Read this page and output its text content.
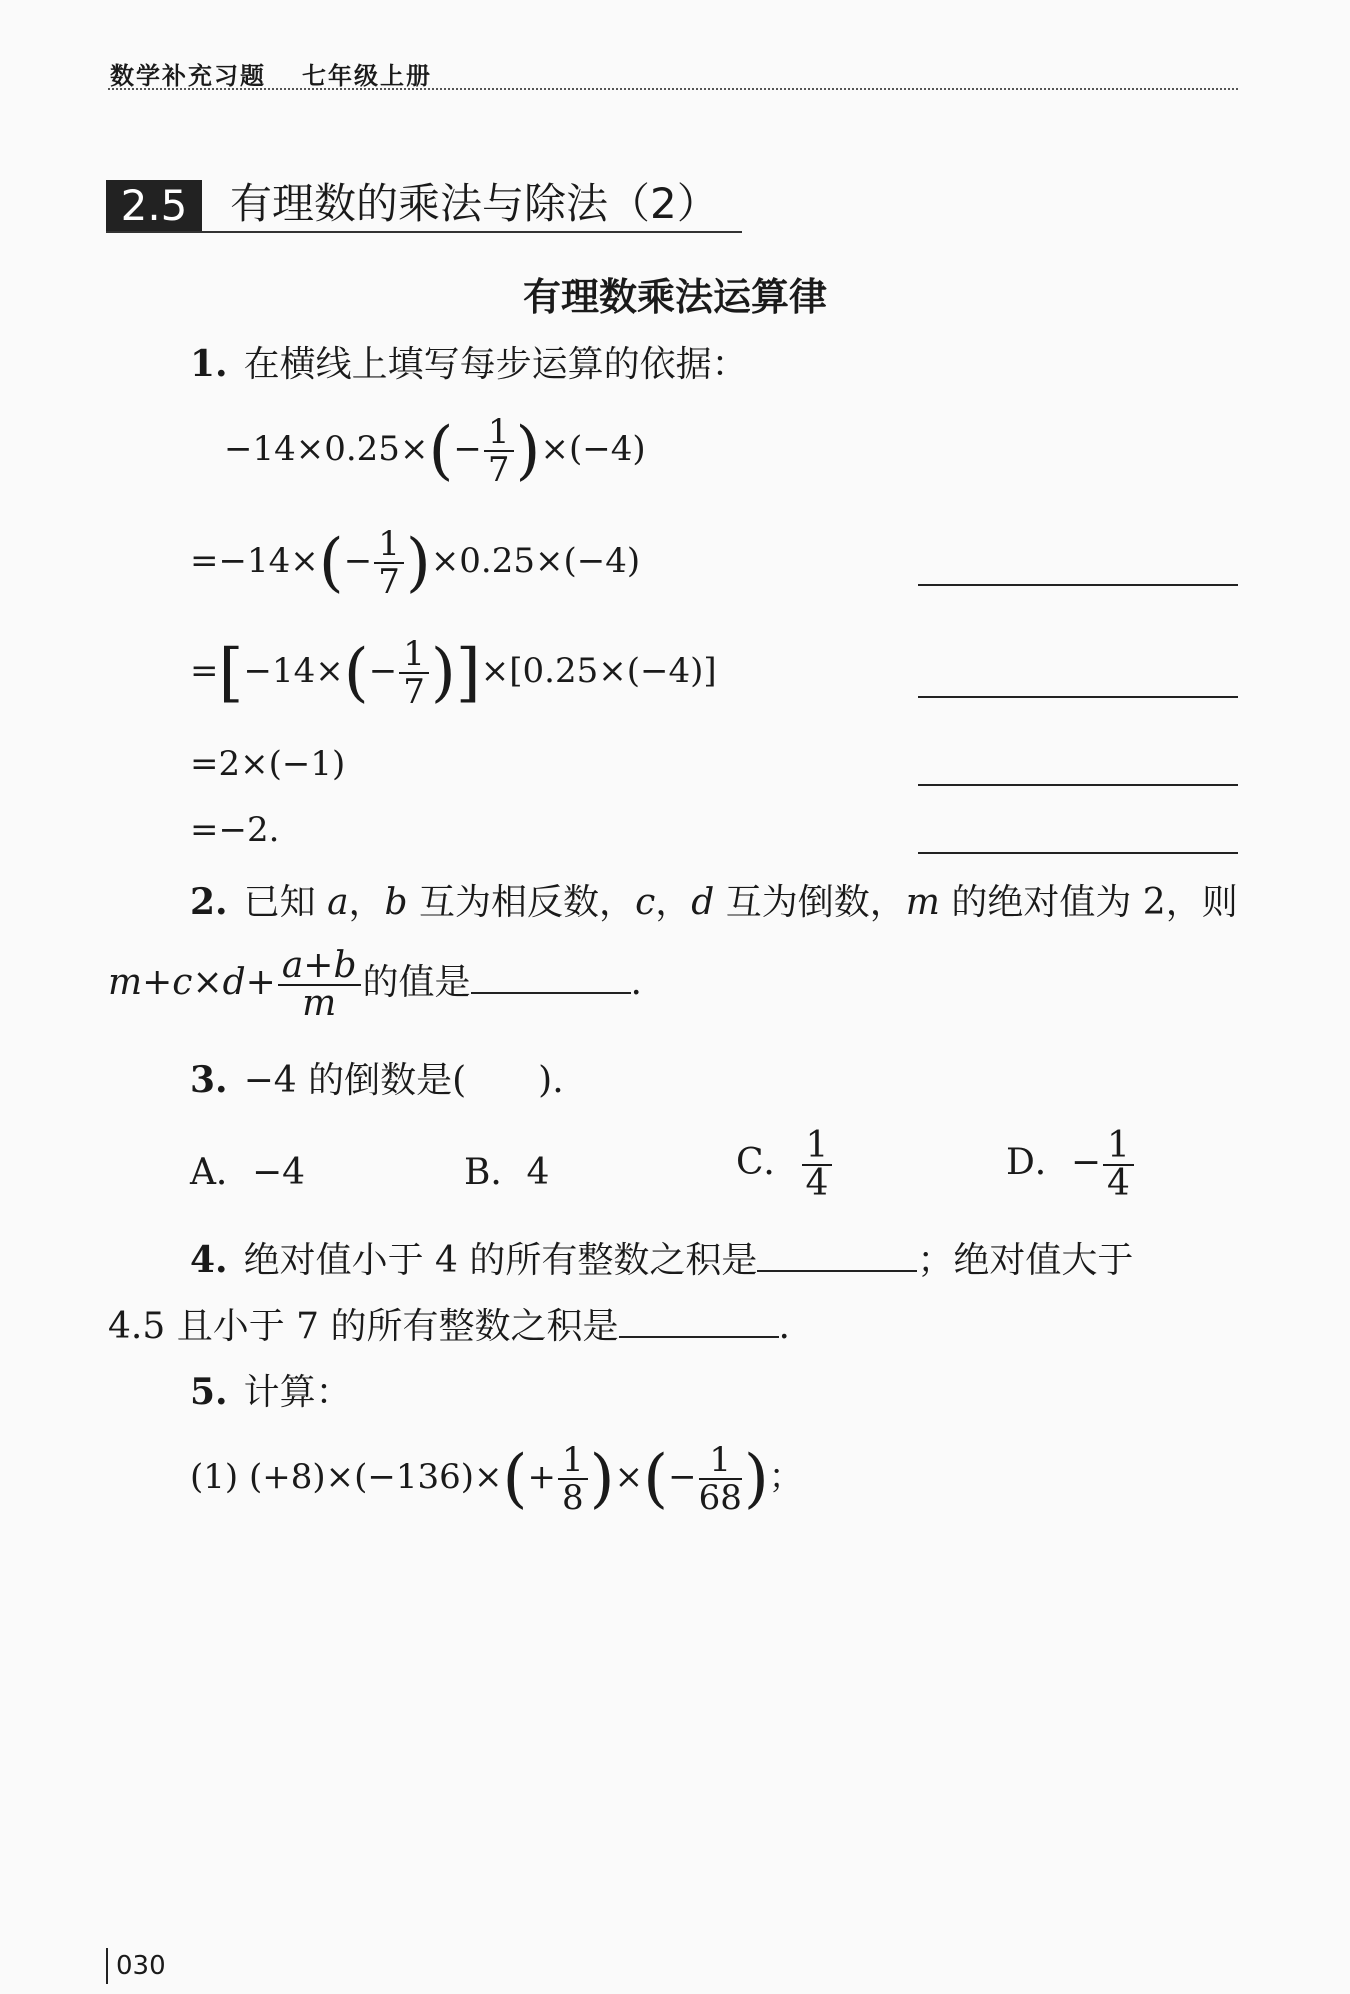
数学补充习题 七年级上册
2.5	有理数的乘法与除法（2）
有理数乘法运算律
1. 在横线上填写每步运算的依据：
$-14\times 0.25\times(- \frac{1}{7} )\times(-4)$
$=-14\times(- \frac{1}{7} )\times 0.25\times(-4)$
$=[-14\times(- \frac{1}{7} )]\times[0.25\times(-4)]$
=2×(−1)
=−2.
2. 已知 a，b 互为相反数，c，d 互为倒数，m 的绝对值为 2，则
$m+c\times d+ \frac{a+b}{m}$ 的值是	.
3. −4 的倒数是(　　).
A．−4	B．4	C． $\frac{1}{4}$	D．− $\frac{1}{4}$
4. 绝对值小于 4 的所有整数之积是	；绝对值大于
4.5 且小于 7 的所有整数之积是	.
5. 计算：
(1) $(+8)\times(-136)\times(+ \frac{1}{8}$ )×(− $\frac{1}{68}$ )；
030
